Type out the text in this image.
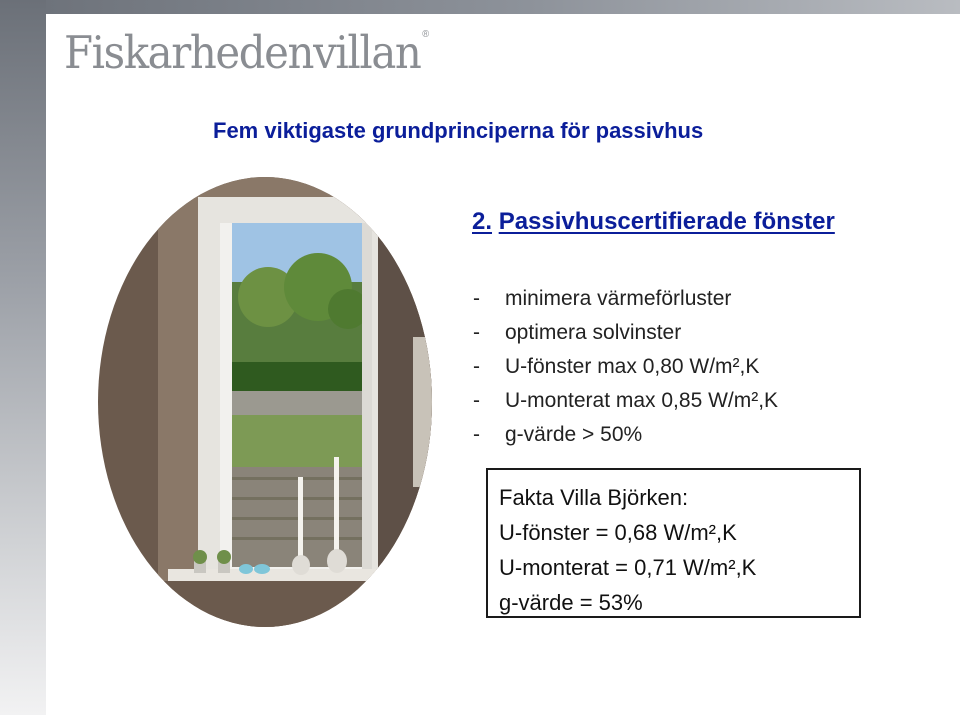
Fiskarhedenvillan ®
Fem viktigaste grundprinciperna för passivhus
2. Passivhuscertifierade fönster
- minimera värmeförluster
- optimera solvinster
- U-fönster max 0,80 W/m²,K
- U-monterat max 0,85 W/m²,K
- g-värde > 50%
Fakta Villa Björken:
U-fönster = 0,68 W/m²,K
U-monterat = 0,71 W/m²,K
g-värde = 53%
